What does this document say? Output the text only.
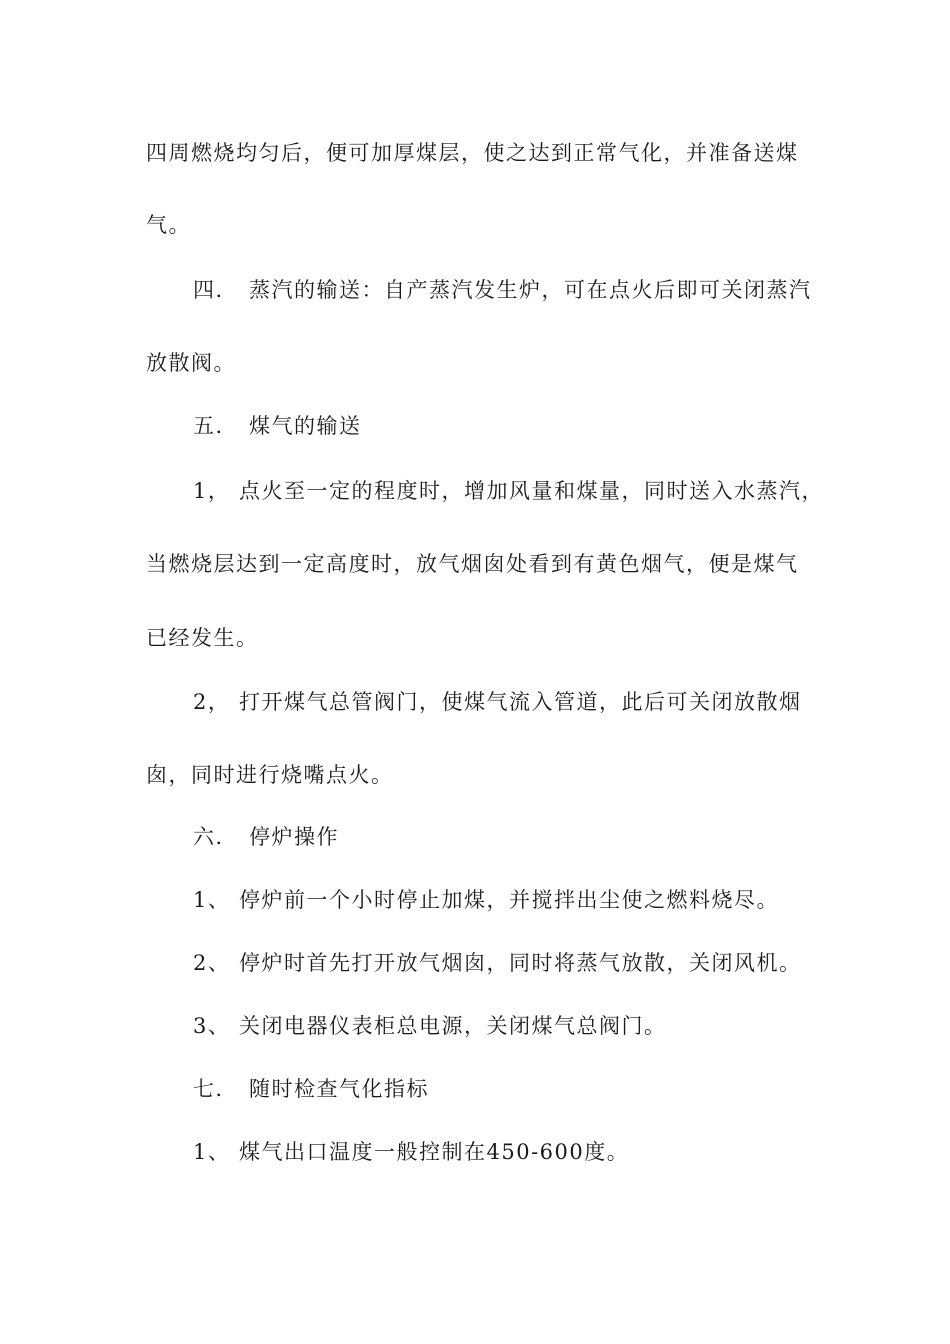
四周燃烧均匀后，便可加厚煤层，使之达到正常气化，并准备送煤
气。
四． 蒸汽的输送：自产蒸汽发生炉，可在点火后即可关闭蒸汽
放散阀。
五． 煤气的输送
1， 点火至一定的程度时，增加风量和煤量，同时送入水蒸汽，
当燃烧层达到一定高度时，放气烟囱处看到有黄色烟气，便是煤气
已经发生。
2， 打开煤气总管阀门，使煤气流入管道，此后可关闭放散烟
囱，同时进行烧嘴点火。
六． 停炉操作
1、 停炉前一个小时停止加煤，并搅拌出尘使之燃料烧尽。
2、 停炉时首先打开放气烟囱，同时将蒸气放散，关闭风机。
3、 关闭电器仪表柜总电源，关闭煤气总阀门。
七． 随时检查气化指标
1、 煤气出口温度一般控制在450-600度。
